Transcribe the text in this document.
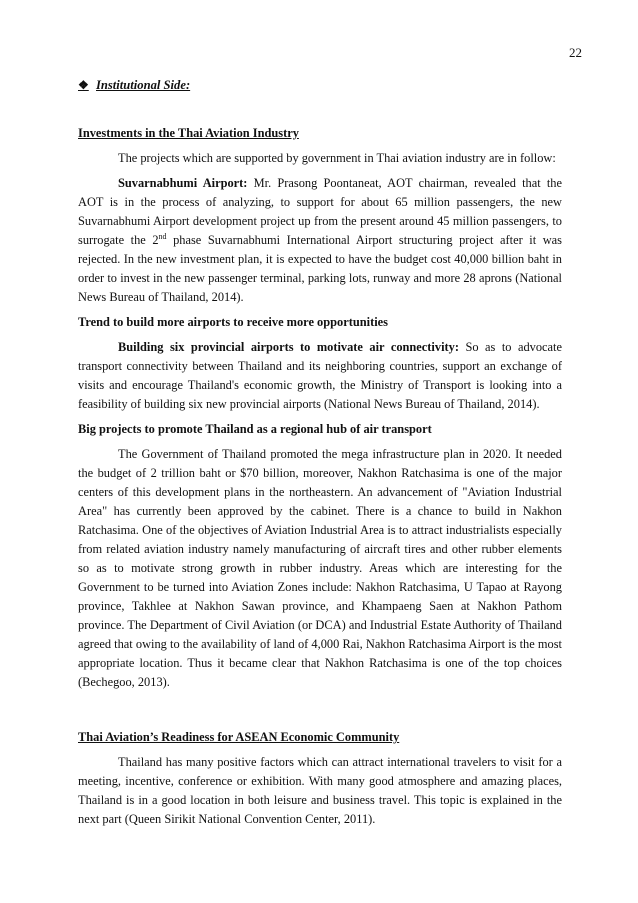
22
❖ Institutional Side:
Investments in the Thai Aviation Industry

The projects which are supported by government in Thai aviation industry are in follow:

Suvarnabhumi Airport: Mr. Prasong Poontaneat, AOT chairman, revealed that the AOT is in the process of analyzing, to support for about 65 million passengers, the new Suvarnabhumi Airport development project up from the present around 45 million passengers, to surrogate the 2nd phase Suvarnabhumi International Airport structuring project after it was rejected. In the new investment plan, it is expected to have the budget cost 40,000 billion baht in order to invest in the new passenger terminal, parking lots, runway and more 28 aprons (National News Bureau of Thailand, 2014).

Trend to build more airports to receive more opportunities

Building six provincial airports to motivate air connectivity: So as to advocate transport connectivity between Thailand and its neighboring countries, support an exchange of visits and encourage Thailand's economic growth, the Ministry of Transport is looking into a feasibility of building six new provincial airports (National News Bureau of Thailand, 2014).

Big projects to promote Thailand as a regional hub of air transport

The Government of Thailand promoted the mega infrastructure plan in 2020. It needed the budget of 2 trillion baht or $70 billion, moreover, Nakhon Ratchasima is one of the major centers of this development plans in the northeastern. An advancement of "Aviation Industrial Area" has currently been approved by the cabinet. There is a chance to build in Nakhon Ratchasima. One of the objectives of Aviation Industrial Area is to attract industrialists especially from related aviation industry namely manufacturing of aircraft tires and other rubber elements so as to motivate strong growth in rubber industry. Areas which are interesting for the Government to be turned into Aviation Zones include: Nakhon Ratchasima, U Tapao at Rayong province, Takhlee at Nakhon Sawan province, and Khampaeng Saen at Nakhon Pathom province. The Department of Civil Aviation (or DCA) and Industrial Estate Authority of Thailand agreed that owing to the availability of land of 4,000 Rai, Nakhon Ratchasima Airport is the most appropriate location. Thus it became clear that Nakhon Ratchasima is one of the top choices (Bechegoo, 2013).

Thai Aviation’s Readiness for ASEAN Economic Community

Thailand has many positive factors which can attract international travelers to visit for a meeting, incentive, conference or exhibition. With many good atmosphere and amazing places, Thailand is in a good location in both leisure and business travel. This topic is explained in the next part (Queen Sirikit National Convention Center, 2011).
